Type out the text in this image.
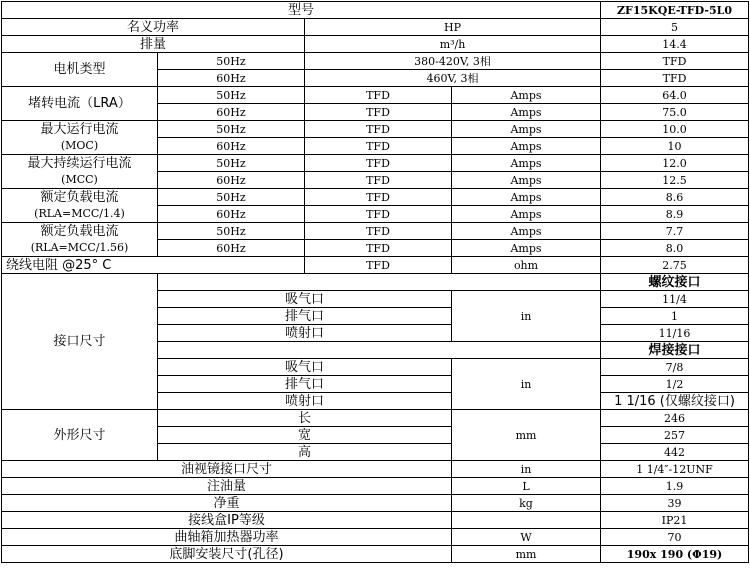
型号				ZF15KQE-TFD-5L0
名义功率		HP		5
排量		m³/h		14.4
电机类型	50Hz	380-420V, 3相		TFD
	60Hz	460V, 3相		TFD
堵转电流（LRA）	50Hz	TFD	Amps	64.0
	60Hz	TFD	Amps	75.0

最大运行电流
(MOC)	50Hz	TFD	Amps	10.0
	60Hz	TFD	Amps	10

最大持续运行电流
(MCC)	50Hz	TFD	Amps	12.0
	60Hz	TFD	Amps	12.5

额定负载电流
(RLA=MCC/1.4)	50Hz	TFD	Amps	8.6
	60Hz	TFD	Amps	8.9

额定负载电流
(RLA=MCC/1.56)	50Hz	TFD	Amps	7.7
	60Hz	TFD	Amps	8.0
绕线电阻 @25° C		TFD	ohm	2.75
接口尺寸				螺纹接口
	吸气口		in	11/4
	排气口			1
	喷射口			11/16
				焊接接口
	吸气口		in	7/8
	排气口			1/2
	喷射口			1 1/16 (仅螺纹接口)
外形尺寸	长		mm	246
	宽			257
	高			442
油视镜接口尺寸			in	1 1/4″-12UNF
注油量			L	1.9
净重			kg	39
接线盒IP等级				IP21
曲轴箱加热器功率			W	70
底脚安装尺寸(孔径)			mm	190x 190 (Φ19)
